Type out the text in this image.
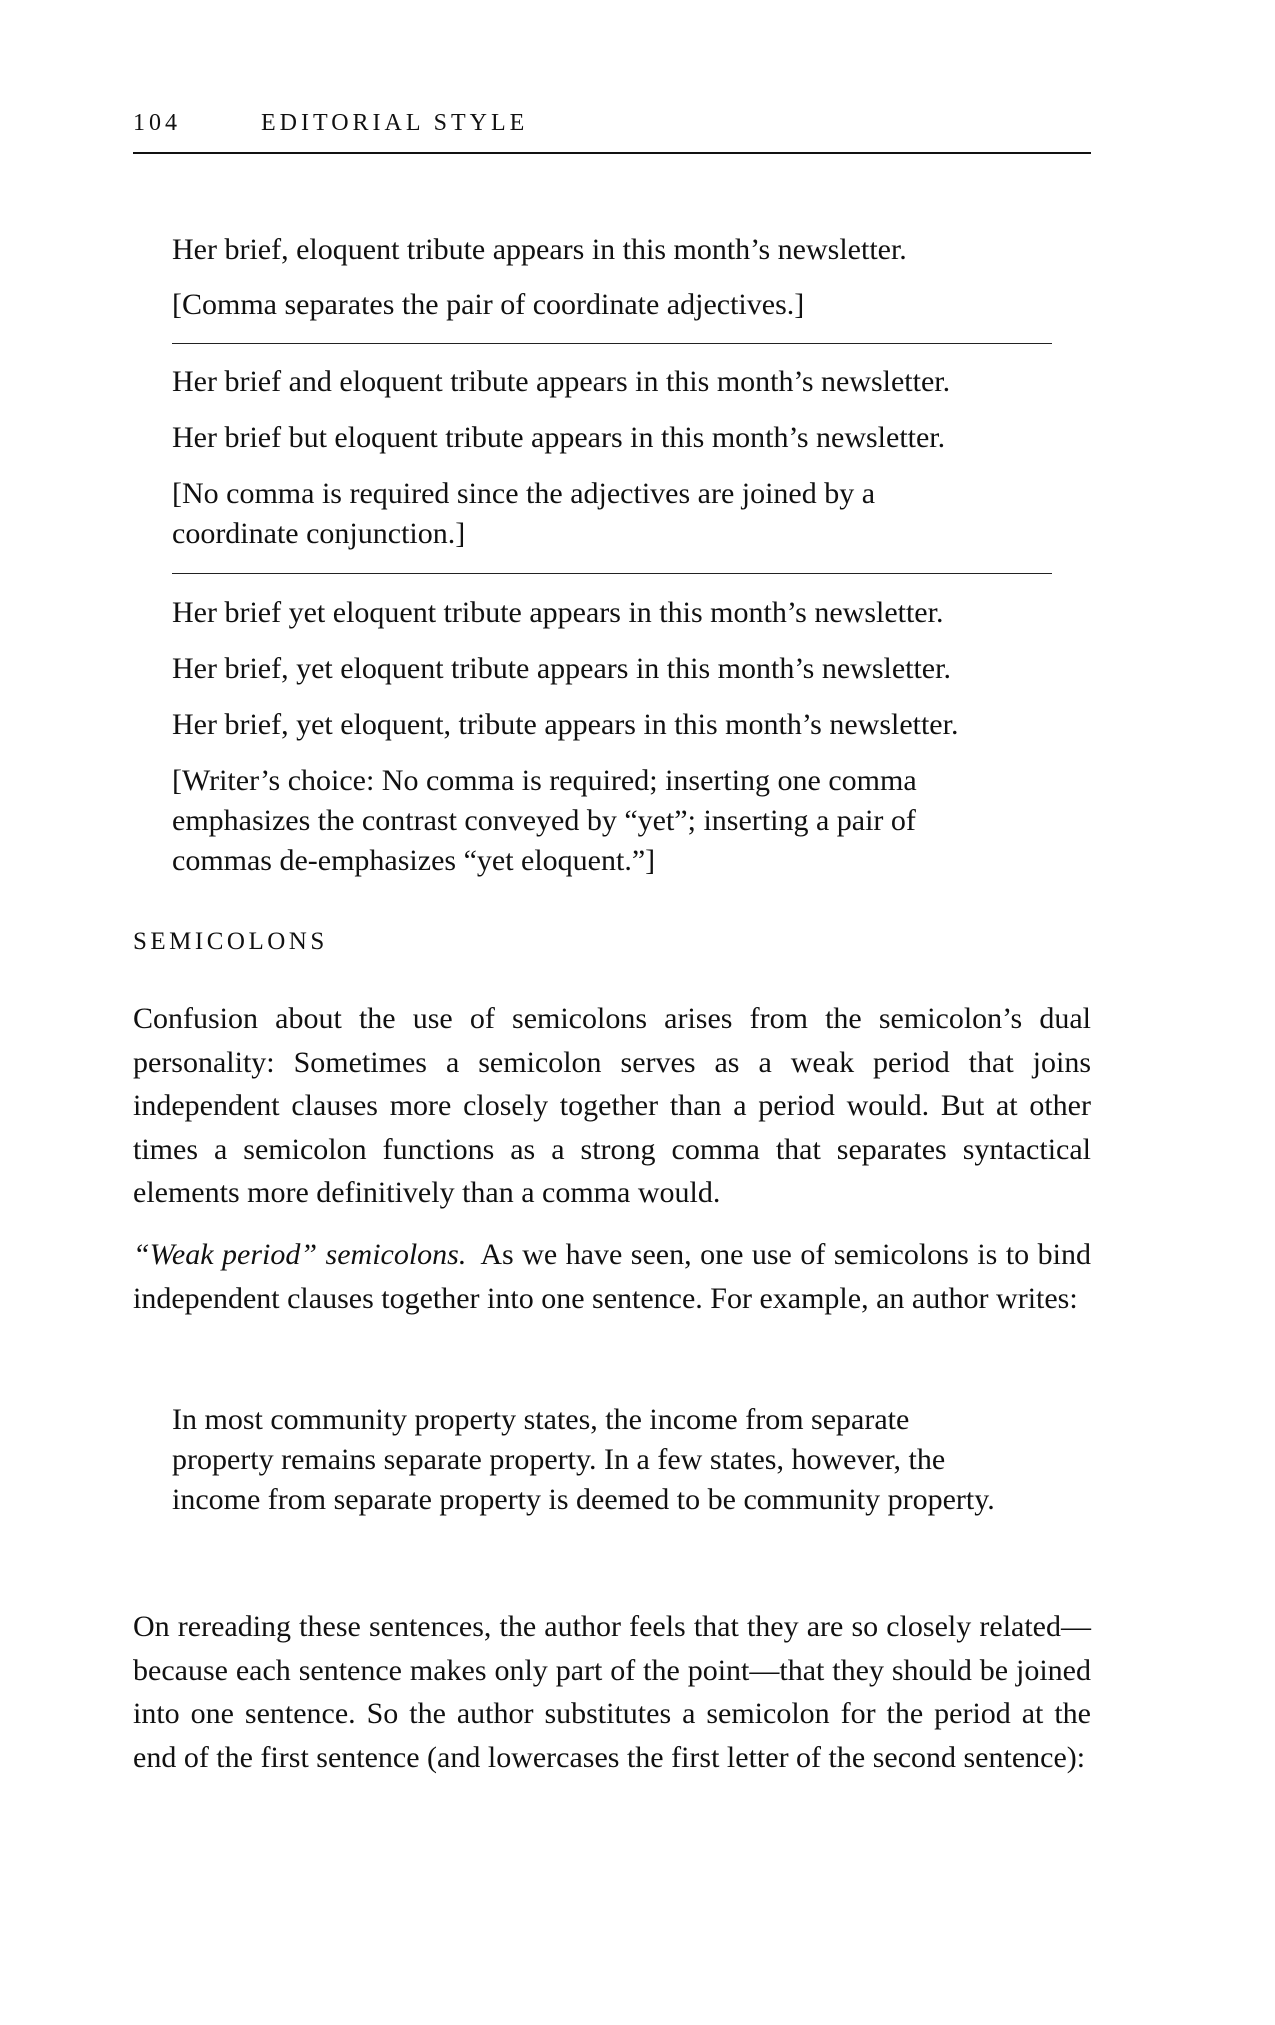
104	EDITORIAL STYLE

Her brief, eloquent tribute appears in this month’s newsletter.

[Comma separates the pair of coordinate adjectives.]

Her brief and eloquent tribute appears in this month’s newsletter.

Her brief but eloquent tribute appears in this month’s newsletter.

[No comma is required since the adjectives are joined by a coordinate conjunction.]

Her brief yet eloquent tribute appears in this month’s newsletter.

Her brief, yet eloquent tribute appears in this month’s newsletter.

Her brief, yet eloquent, tribute appears in this month’s newsletter.

[Writer’s choice: No comma is required; inserting one comma emphasizes the contrast conveyed by “yet”; inserting a pair of commas de-emphasizes “yet eloquent.”]

SEMICOLONS

Confusion about the use of semicolons arises from the semicolon’s dual personality: Sometimes a semicolon serves as a weak period that joins independent clauses more closely together than a period would. But at other times a semicolon functions as a strong comma that separates syntactical elements more definitively than a comma would.

“Weak period” semicolons. As we have seen, one use of semicolons is to bind independent clauses together into one sentence. For example, an author writes:

In most community property states, the income from separate property remains separate property. In a few states, however, the income from separate property is deemed to be community property.

On rereading these sentences, the author feels that they are so closely related—because each sentence makes only part of the point—that they should be joined into one sentence. So the author substitutes a semicolon for the period at the end of the first sentence (and lowercases the first letter of the second sentence):
